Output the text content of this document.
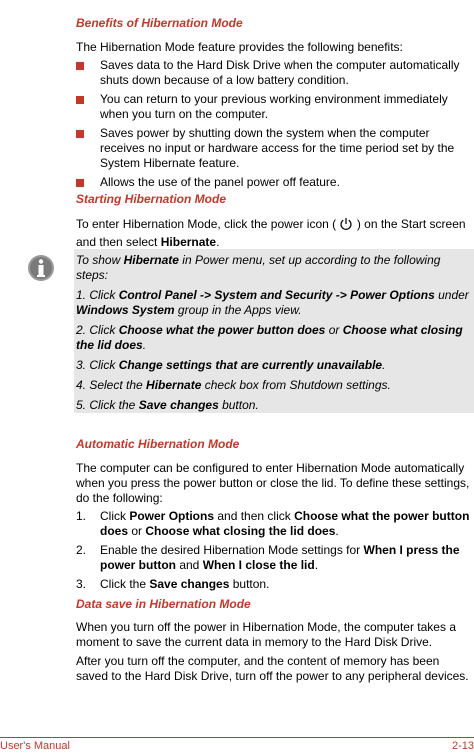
Benefits of Hibernation Mode

The Hibernation Mode feature provides the following benefits:

Saves data to the Hard Disk Drive when the computer automatically shuts down because of a low battery condition.
You can return to your previous working environment immediately when you turn on the computer.
Saves power by shutting down the system when the computer receives no input or hardware access for the time period set by the System Hibernate feature.
Allows the use of the panel power off feature.
Starting Hibernation Mode

To enter Hibernation Mode, click the power icon ( ) on the Start screen and then select Hibernate.

To show Hibernate in Power menu, set up according to the following steps:

1. Click Control Panel -> System and Security -> Power Options under Windows System group in the Apps view.

2. Click Choose what the power button does or Choose what closing the lid does.

3. Click Change settings that are currently unavailable.

4. Select the Hibernate check box from Shutdown settings.

5. Click the Save changes button.

Automatic Hibernation Mode

The computer can be configured to enter Hibernation Mode automatically when you press the power button or close the lid. To define these settings, do the following:

1. Click Power Options and then click Choose what the power button does or Choose what closing the lid does.
2. Enable the desired Hibernation Mode settings for When I press the power button and When I close the lid.
3. Click the Save changes button.
Data save in Hibernation Mode

When you turn off the power in Hibernation Mode, the computer takes a moment to save the current data in memory to the Hard Disk Drive.

After you turn off the computer, and the content of memory has been saved to the Hard Disk Drive, turn off the power to any peripheral devices.

User's Manual	2-13
